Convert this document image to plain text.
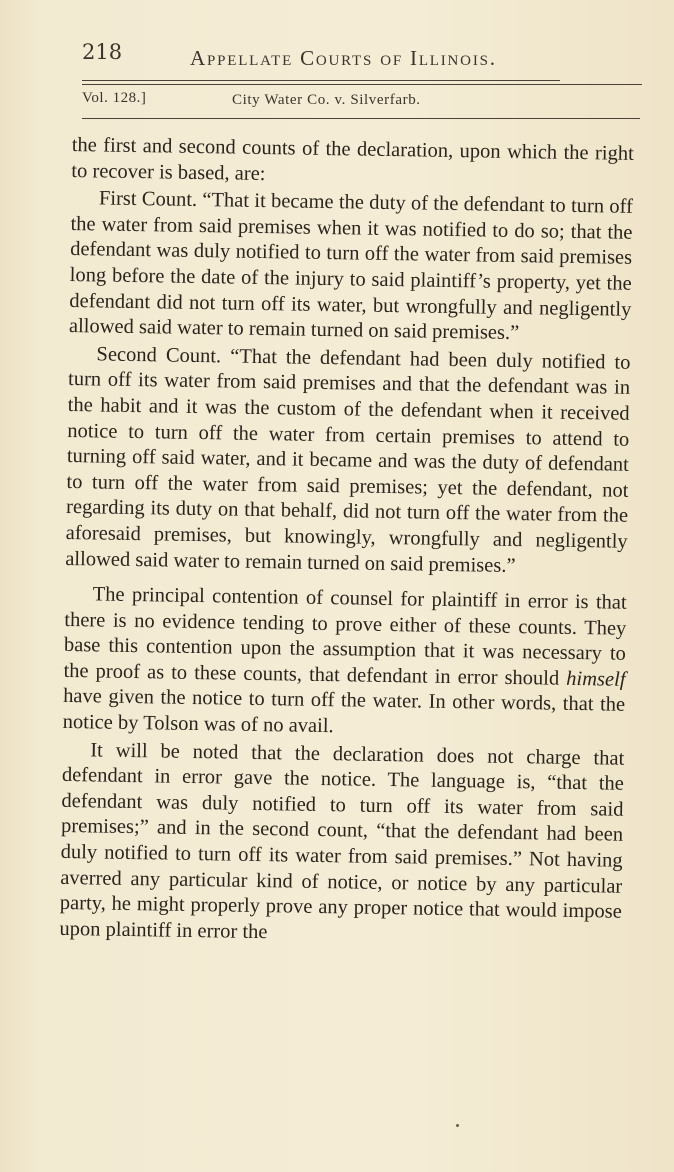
218	Appellate Courts of Illinois.
Vol. 128.]	City Water Co. v. Silverfarb.

the first and second counts of the declaration, upon which the right to recover is based, are:

First Count. “That it became the duty of the defendant to turn off the water from said premises when it was notified to do so; that the defendant was duly notified to turn off the water from said premises long before the date of the injury to said plaintiff’s property, yet the defendant did not turn off its water, but wrongfully and negligently allowed said water to remain turned on said premises.”

Second Count. “That the defendant had been duly notified to turn off its water from said premises and that the defendant was in the habit and it was the custom of the defendant when it received notice to turn off the water from certain premises to attend to turning off said water, and it became and was the duty of defendant to turn off the water from said premises; yet the defendant, not regarding its duty on that behalf, did not turn off the water from the aforesaid premises, but knowingly, wrongfully and negligently allowed said water to remain turned on said premises.”

The principal contention of counsel for plaintiff in error is that there is no evidence tending to prove either of these counts. They base this contention upon the assumption that it was necessary to the proof as to these counts, that defendant in error should himself have given the notice to turn off the water. In other words, that the notice by Tolson was of no avail.

It will be noted that the declaration does not charge that defendant in error gave the notice. The language is, “that the defendant was duly notified to turn off its water from said premises;” and in the second count, “that the defendant had been duly notified to turn off its water from said premises.” Not having averred any particular kind of notice, or notice by any particular party, he might properly prove any proper notice that would impose upon plaintiff in error the
